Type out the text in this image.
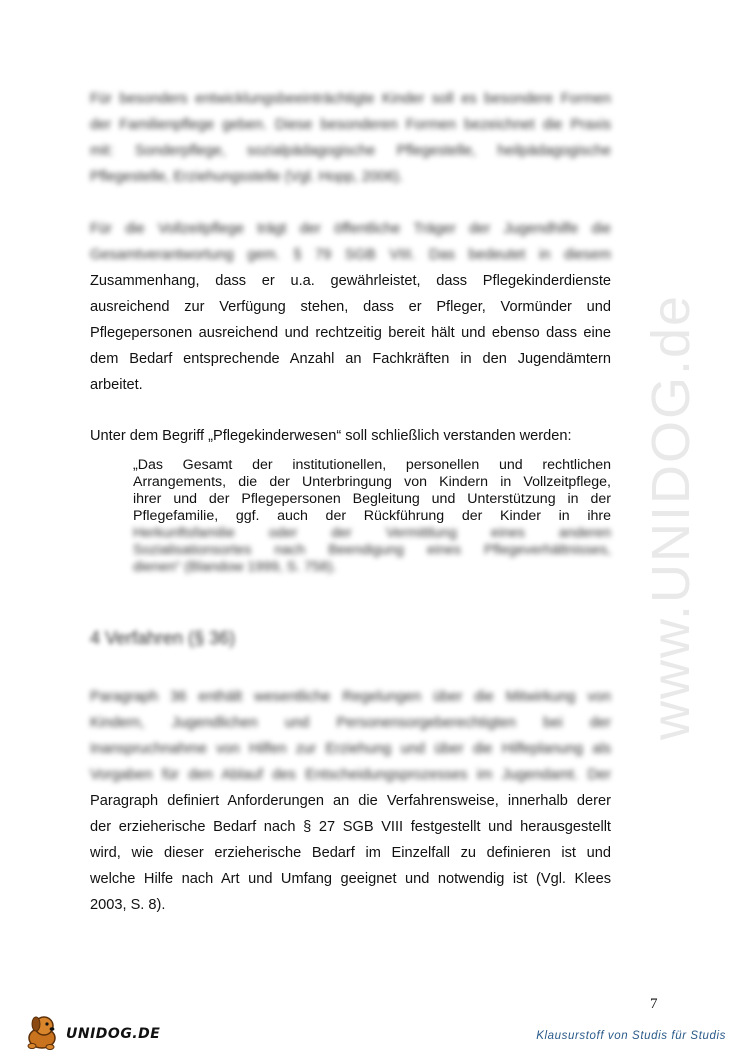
www.UNIDOG.de
Für besonders entwicklungsbeeinträchtigte Kinder soll es besondere Formen
der Familienpflege geben. Diese besonderen Formen bezeichnet die Praxis
mit: Sonderpflege, sozialpädagogische Pflegestelle, heilpädagogische
Pflegestelle, Erziehungsstelle (Vgl. Hopp, 2006).
Für die Vollzeitpflege trägt der öffentliche Träger der Jugendhilfe die
Gesamtverantwortung gem. § 79 SGB VIII. Das bedeutet in diesem
Zusammenhang, dass er u.a. gewährleistet, dass Pflegekinderdienste
ausreichend zur Verfügung stehen, dass er Pfleger, Vormünder und
Pflegepersonen ausreichend und rechtzeitig bereit hält und ebenso dass eine
dem Bedarf entsprechende Anzahl an Fachkräften in den Jugendämtern
arbeitet.

Unter dem Begriff „Pflegekinderwesen“ soll schließlich verstanden werden:

„Das Gesamt der institutionellen, personellen und rechtlichen
Arrangements, die der Unterbringung von Kindern in Vollzeitpflege,
ihrer und der Pflegepersonen Begleitung und Unterstützung in der
Pflegefamilie, ggf. auch der Rückführung der Kinder in ihre
Herkunftsfamilie oder der Vermittlung eines anderen
Sozialisationsortes nach Beendigung eines Pflegeverhältnisses,
dienen“ (Blandow 1999, S. 758).
4 Verfahren (§ 36)
Paragraph 36 enthält wesentliche Regelungen über die Mitwirkung von
Kindern, Jugendlichen und Personensorgeberechtigten bei der
Inanspruchnahme von Hilfen zur Erziehung und über die Hilfeplanung als
Vorgaben für den Ablauf des Entscheidungsprozesses im Jugendamt. Der
Paragraph definiert Anforderungen an die Verfahrensweise, innerhalb derer
der erzieherische Bedarf nach § 27 SGB VIII festgestellt und herausgestellt
wird, wie dieser erzieherische Bedarf im Einzelfall zu definieren ist und
welche Hilfe nach Art und Umfang geeignet und notwendig ist (Vgl. Klees
2003, S. 8).
7
UNIDOG.DE	Klausurstoff von Studis für Studis
